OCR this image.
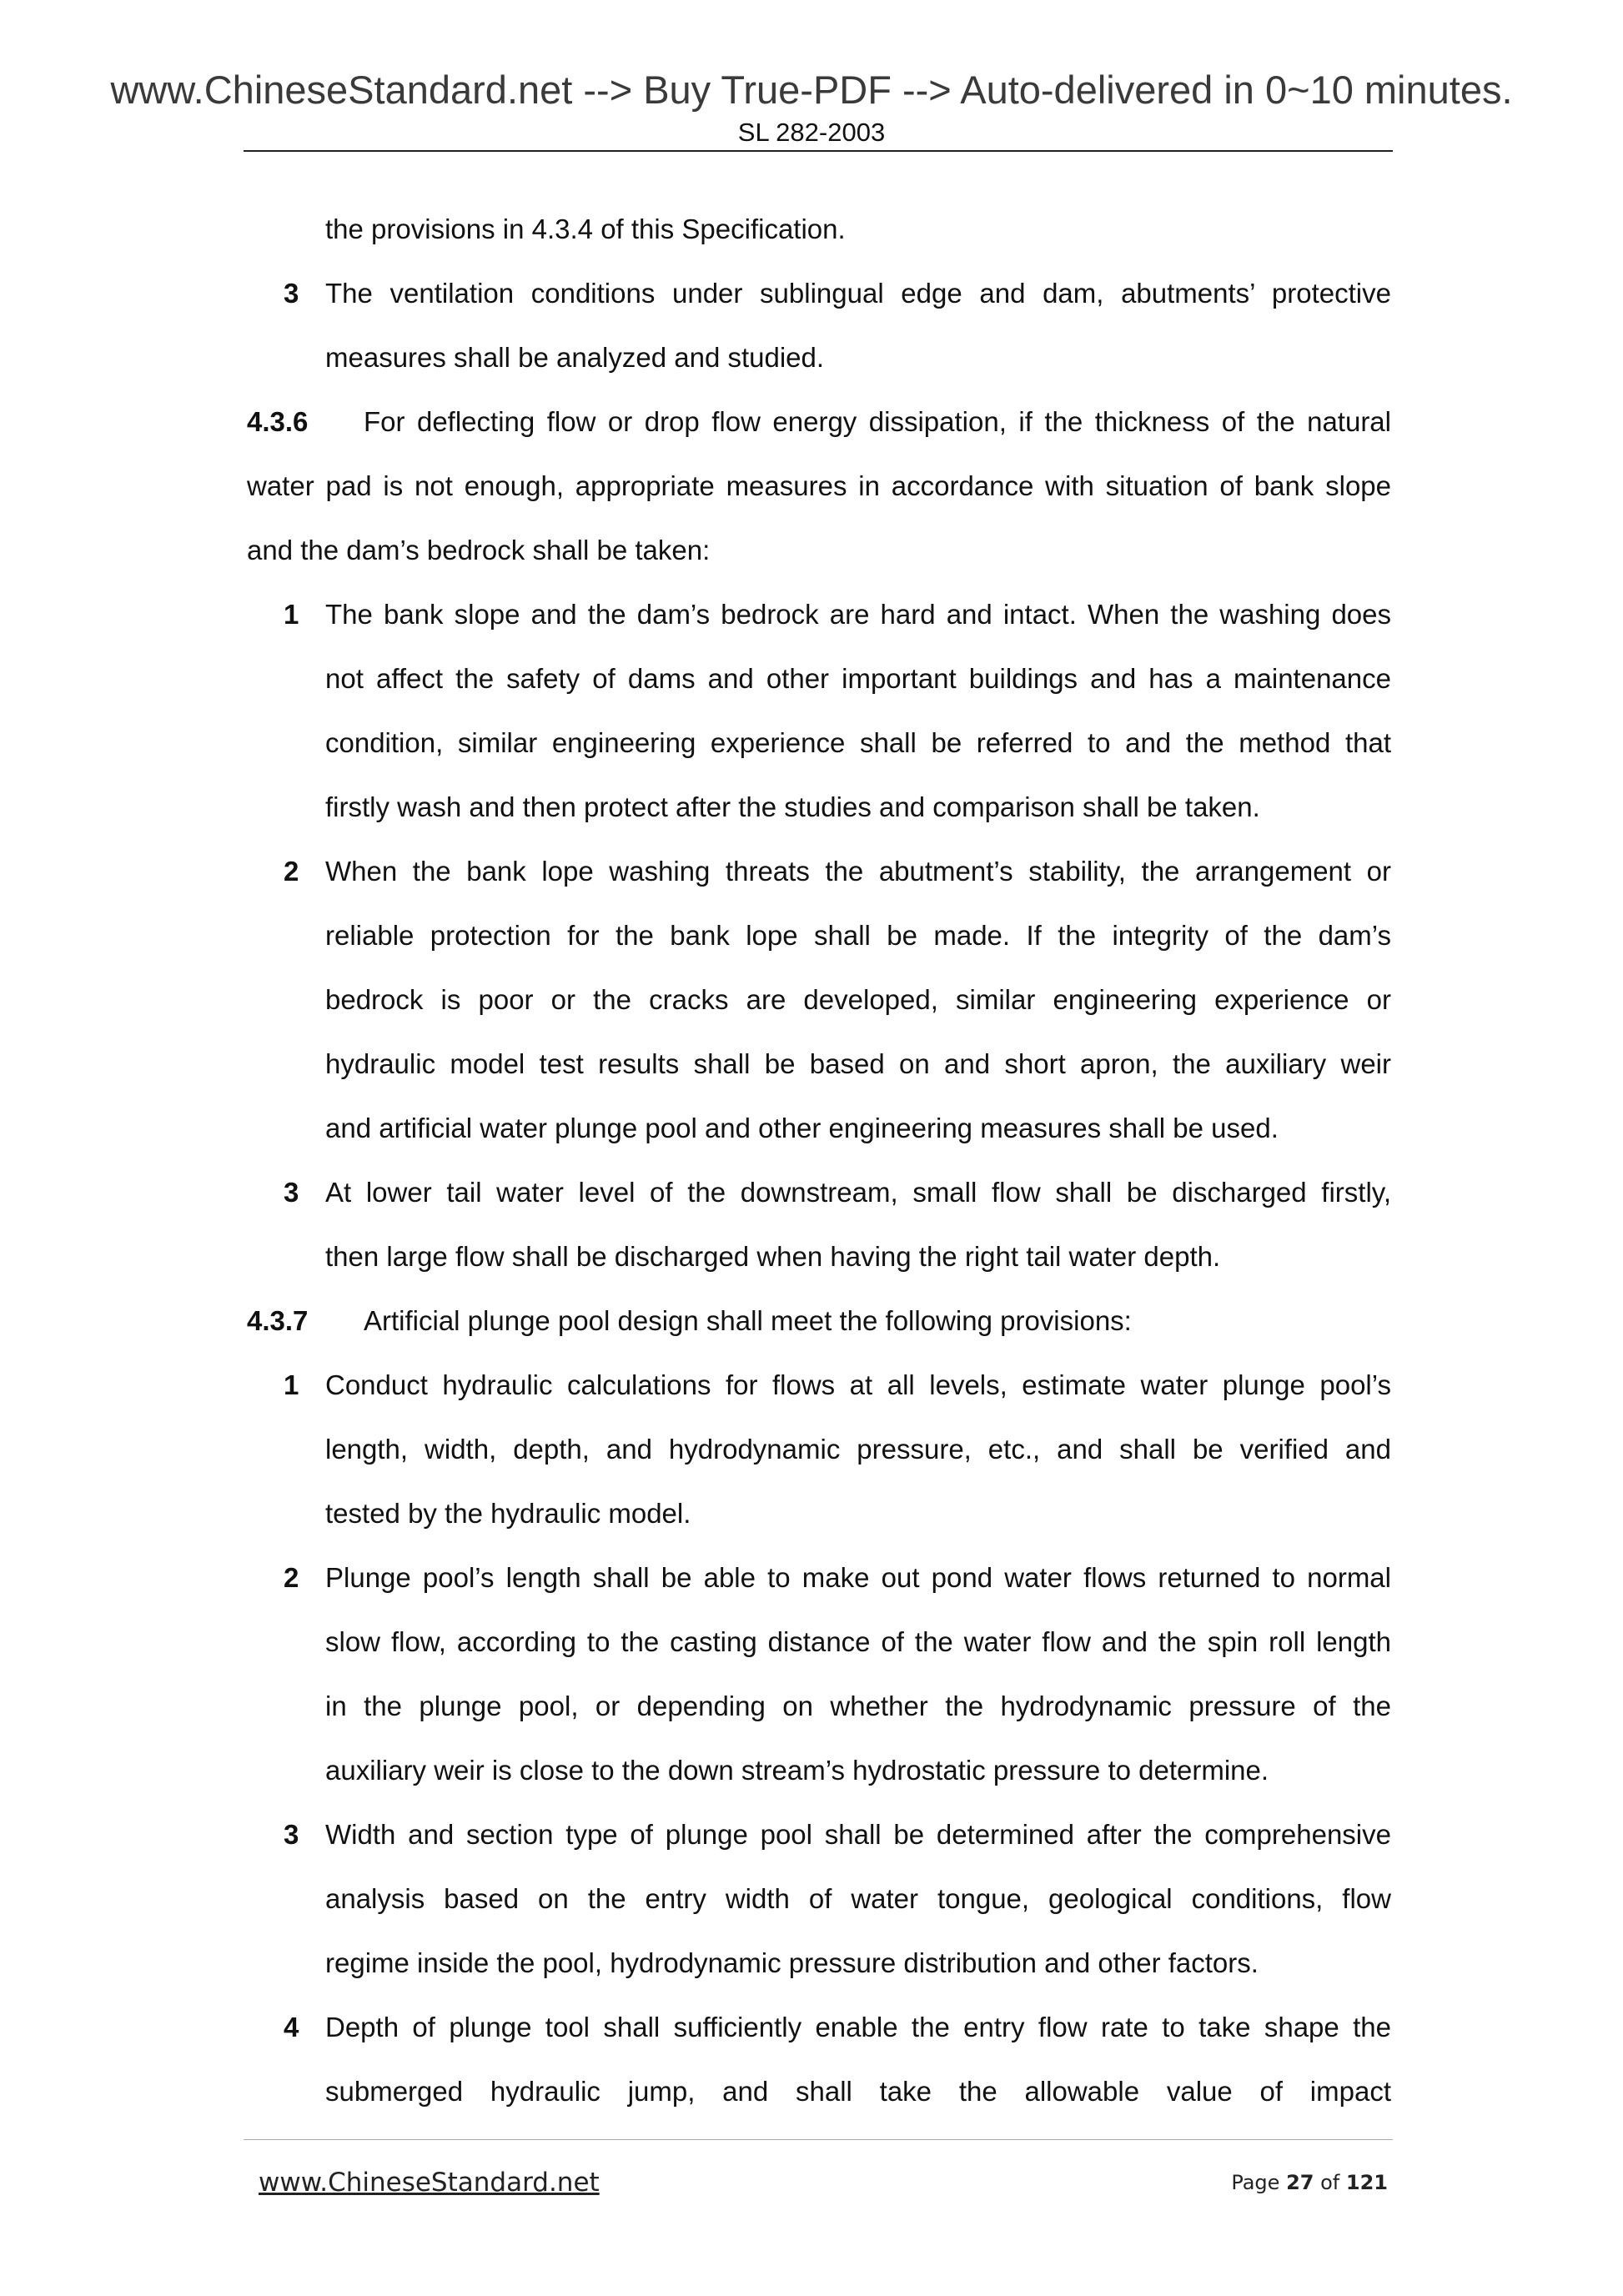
www.ChineseStandard.net --> Buy True-PDF --> Auto-delivered in 0~10 minutes.
SL 282-2003
the provisions in 4.3.4 of this Specification.
3 The ventilation conditions under sublingual edge and dam, abutments’ protective
measures shall be analyzed and studied.
4.3.6 For deflecting flow or drop flow energy dissipation, if the thickness of the natural
water pad is not enough, appropriate measures in accordance with situation of bank slope
and the dam’s bedrock shall be taken:
1 The bank slope and the dam’s bedrock are hard and intact. When the washing does
not affect the safety of dams and other important buildings and has a maintenance
condition, similar engineering experience shall be referred to and the method that
firstly wash and then protect after the studies and comparison shall be taken.
2 When the bank lope washing threats the abutment’s stability, the arrangement or
reliable protection for the bank lope shall be made. If the integrity of the dam’s
bedrock is poor or the cracks are developed, similar engineering experience or
hydraulic model test results shall be based on and short apron, the auxiliary weir
and artificial water plunge pool and other engineering measures shall be used.
3 At lower tail water level of the downstream, small flow shall be discharged firstly,
then large flow shall be discharged when having the right tail water depth.
4.3.7 Artificial plunge pool design shall meet the following provisions:
1 Conduct hydraulic calculations for flows at all levels, estimate water plunge pool’s
length, width, depth, and hydrodynamic pressure, etc., and shall be verified and
tested by the hydraulic model.
2 Plunge pool’s length shall be able to make out pond water flows returned to normal
slow flow, according to the casting distance of the water flow and the spin roll length
in the plunge pool, or depending on whether the hydrodynamic pressure of the
auxiliary weir is close to the down stream’s hydrostatic pressure to determine.
3 Width and section type of plunge pool shall be determined after the comprehensive
analysis based on the entry width of water tongue, geological conditions, flow
regime inside the pool, hydrodynamic pressure distribution and other factors.
4 Depth of plunge tool shall sufficiently enable the entry flow rate to take shape the
submerged hydraulic jump, and shall take the allowable value of impact
www.ChineseStandard.net	Page 27 of 121
